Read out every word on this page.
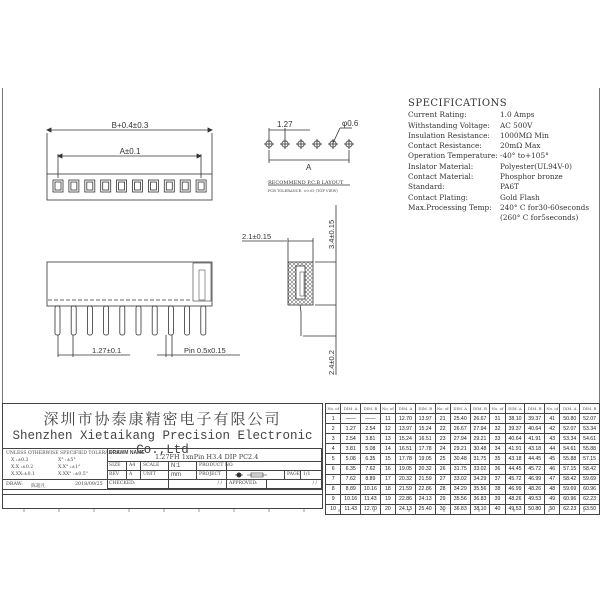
B+0.4±0.3
A±0.1
1.27	φ0.6
A
RECOMMEND P.C.B LAYOUT
PCB TOLERANCE: ±0.05 (TOP VIEW)
1.27±0.1	Pin 0.5x0.15
2.1±0.15	3.4±0.15
2.4±0.2
SPECIFICATIONS
Current Rating:	1.0 Amps
Withstanding Voltage:	AC 500V
Insulation Resistance:	1000MΩ Min
Contact Resistance:	20mΩ Max
Operation Temperature: -40° to+105°
Inslator Material:	Polyester(UL94V-0)
Contact Material:	Phosphor bronze
Standard:	PA6T
Contact Plating:	Gold Flash
Max.Processing Temp:	240° C for30-60seconds
(260° C for5seconds)
深圳市协泰康精密电子有限公司
Shenzhen Xietaikang Precision Electronic Co.,Ltd
UNLESS OTHERWISE SPECIFIED TOLERANCE
X :±0.3	X° :±5°
X.X :±0.2	X.X° :±1°
X.XX:±0.1	X.XX° :±0.5°
DRAW: 陈超凡	2018/09/25
DRAWM NAME	1.27FH 1xnPin H3.4 DIP PC2.4
SIZE	A4	SCALE	N:1	PRODUCT NO.
REV	A	UNIT	mm	PROJECT	PAGE 1/1
CHECKED:	/ /	APPROVED:	/ /
No. of	DIM. A	DIM. B	No. of	DIM. A	DIM. B	No. of	DIM. A	DIM. B	No. of	DIM. A	DIM. B	No. of	DIM. A	DIM. B
1	——	——	11	12.70	13.97	21	25.40	26.67	31	38.10	39.37	41	50.80	52.07
2	1.27	2.54	12	13.97	15.24	22	26.67	27.94	32	39.37	40.64	42	52.07	53.34
3	2.54	3.81	13	15.24	16.51	23	27.94	29.21	33	40.64	41.91	43	53.34	54.61
4	3.81	5.08	14	16.51	17.78	24	29.21	30.48	34	41.91	43.18	44	54.61	55.88
5	5.08	6.35	15	17.78	19.05	25	30.48	31.75	35	43.18	44.45	45	55.88	57.15
6	6.35	7.62	16	19.05	20.32	26	31.75	33.02	36	44.45	45.72	46	57.15	58.42
7	7.62	8.89	17	20.32	21.59	27	33.02	34.29	37	45.72	46.99	47	58.42	59.69
8	8.89	10.16	18	21.59	22.86	28	34.29	35.56	38	46.99	48.26	48	59.69	60.96
9	10.16	11.43	19	22.86	24.13	29	35.56	36.83	39	48.26	49.53	49	60.96	62.23
10	11.43	12.70	20	24.13	25.40	30	36.83	38.10	40	49.53	50.80	50	62.23	63.50
